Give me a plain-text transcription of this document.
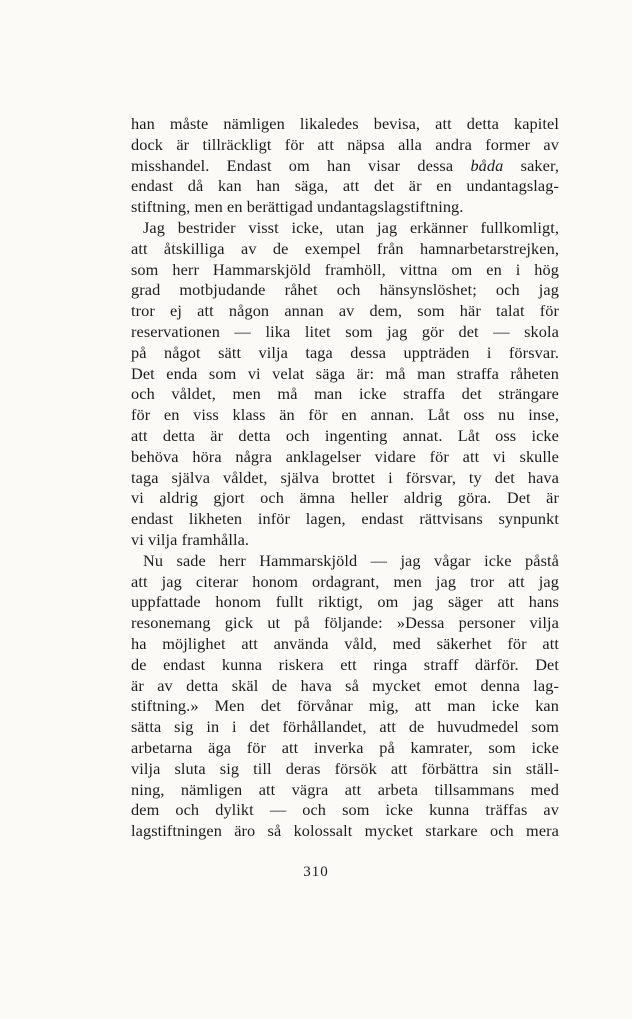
han måste nämligen likaledes bevisa, att detta kapitel
dock är tillräckligt för att näpsa alla andra former av
misshandel. Endast om han visar dessa båda saker,
endast då kan han säga, att det är en undantagslag-
stiftning, men en berättigad undantagslagstiftning.
Jag bestrider visst icke, utan jag erkänner fullkomligt,
att åtskilliga av de exempel från hamnarbetarstrejken,
som herr Hammarskjöld framhöll, vittna om en i hög
grad motbjudande råhet och hänsynslöshet; och jag
tror ej att någon annan av dem, som här talat för
reservationen — lika litet som jag gör det — skola
på något sätt vilja taga dessa uppträden i försvar.
Det enda som vi velat säga är: må man straffa råheten
och våldet, men må man icke straffa det strängare
för en viss klass än för en annan. Låt oss nu inse,
att detta är detta och ingenting annat. Låt oss icke
behöva höra några anklagelser vidare för att vi skulle
taga själva våldet, själva brottet i försvar, ty det hava
vi aldrig gjort och ämna heller aldrig göra. Det är
endast likheten inför lagen, endast rättvisans synpunkt
vi vilja framhålla.
Nu sade herr Hammarskjöld — jag vågar icke påstå
att jag citerar honom ordagrant, men jag tror att jag
uppfattade honom fullt riktigt, om jag säger att hans
resonemang gick ut på följande: »Dessa personer vilja
ha möjlighet att använda våld, med säkerhet för att
de endast kunna riskera ett ringa straff därför. Det
är av detta skäl de hava så mycket emot denna lag-
stiftning.» Men det förvånar mig, att man icke kan
sätta sig in i det förhållandet, att de huvudmedel som
arbetarna äga för att inverka på kamrater, som icke
vilja sluta sig till deras försök att förbättra sin ställ-
ning, nämligen att vägra att arbeta tillsammans med
dem och dylikt — och som icke kunna träffas av
lagstiftningen äro så kolossalt mycket starkare och mera
310
